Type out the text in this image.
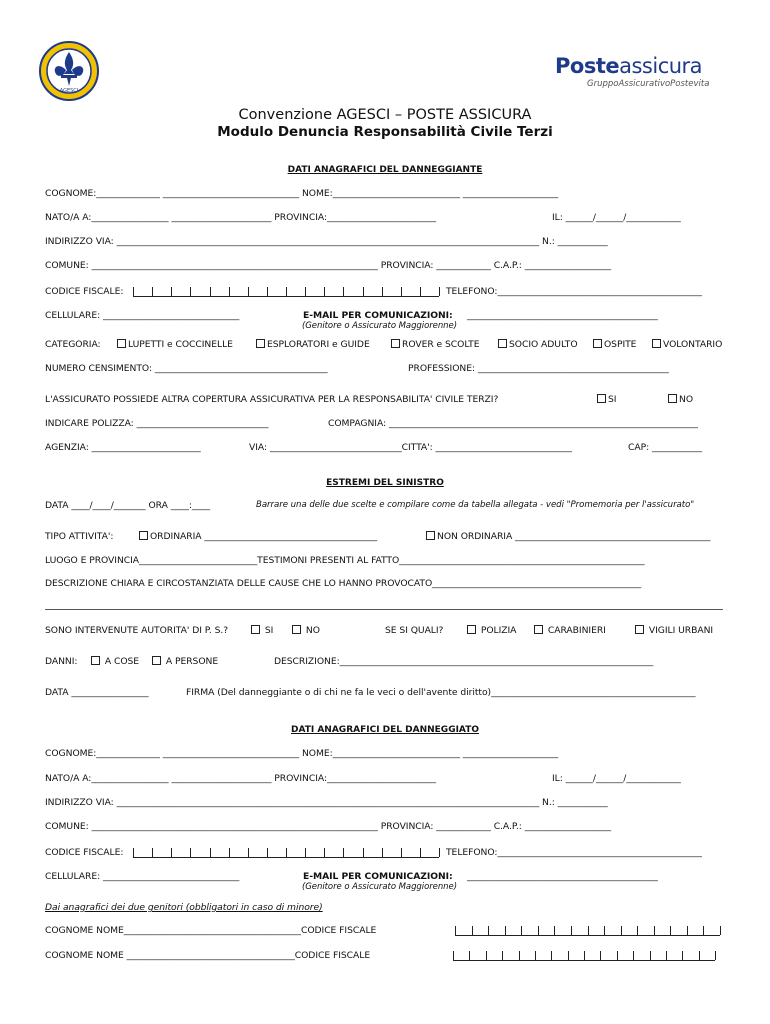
AGESCI
Posteassicura
GruppoAssicurativoPostevita
Convenzione AGESCI – POSTE ASSICURA
Modulo Denuncia Responsabilità Civile Terzi
DATI ANAGRAFICI DEL DANNEGGIANTE
COGNOME:______________ ______________________________ NOME:____________________________ _____________________
NATO/A A:_________________ ______________________ PROVINCIA:________________________	IL: ______/______/____________
INDIRIZZO VIA: _____________________________________________________________________________________________ N.: ___________
COMUNE: _______________________________________________________________ PROVINCIA: ____________ C.A.P.: ___________________
CODICE FISCALE:	TELEFONO:_____________________________________________
CELLULARE: ______________________________	E-MAIL PER COMUNICAZIONI: __________________________________________
(Genitore o Assicurato Maggiorenne)
CATEGORIA:	LUPETTI e COCCINELLE	ESPLORATORI e GUIDE	ROVER e SCOLTE	SOCIO ADULTO	OSPITE	VOLONTARIO
NUMERO CENSIMENTO: ______________________________________	PROFESSIONE: __________________________________________
L'ASSICURATO POSSIEDE ALTRA COPERTURA ASSICURATIVA PER LA RESPONSABILITA' CIVILE TERZI?	SI	NO
INDICARE POLIZZA: _____________________________	COMPAGNIA: ____________________________________________________________________
AGENZIA: ________________________	VIA: _____________________________CITTA': ______________________________	CAP: ___________
ESTREMI DEL SINISTRO
DATA ____/____/_______ ORA ____:____	Barrare una delle due scelte e compilare come da tabella allegata - vedi "Promemoria per l'assicurato"
TIPO ATTIVITA':	ORDINARIA ______________________________________	NON ORDINARIA ___________________________________________
LUOGO E PROVINCIA__________________________TESTIMONI PRESENTI AL FATTO______________________________________________________
DESCRIZIONE CHIARA E CIRCOSTANZIATA DELLE CAUSE CHE LO HANNO PROVOCATO______________________________________________
SONO INTERVENUTE AUTORITA' DI P. S.?	SI	NO	SE SI QUALI?	POLIZIA	CARABINIERI	VIGILI URBANI
DANNI:	A COSE	A PERSONE	DESCRIZIONE:_____________________________________________________________________
DATA _________________	FIRMA (Del danneggiante o di chi ne fa le veci o dell'avente diritto)_____________________________________________
DATI ANAGRAFICI DEL DANNEGGIATO
COGNOME:______________ ______________________________ NOME:____________________________ _____________________
NATO/A A:_________________ ______________________ PROVINCIA:________________________	IL: ______/______/____________
INDIRIZZO VIA: _____________________________________________________________________________________________ N.: ___________
COMUNE: _______________________________________________________________ PROVINCIA: ____________ C.A.P.: ___________________
CODICE FISCALE:	TELEFONO:_____________________________________________
CELLULARE: ______________________________	E-MAIL PER COMUNICAZIONI: __________________________________________
(Genitore o Assicurato Maggiorenne)
Dai anagrafici dei due genitori (obbligatori in caso di minore)
COGNOME NOME_______________________________________CODICE FISCALE
COGNOME NOME _____________________________________CODICE FISCALE
